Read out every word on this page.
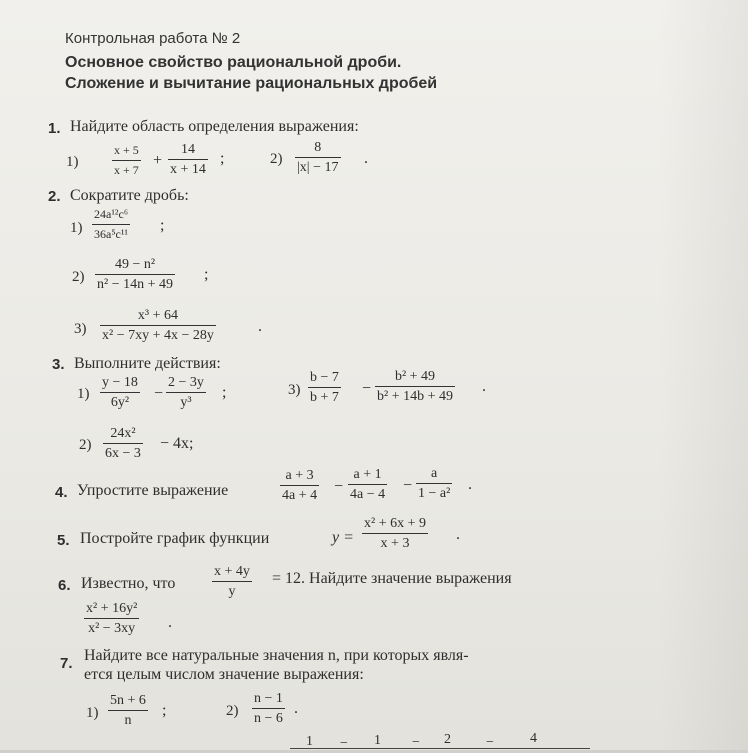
Контрольная работа № 2
Основное свойство рациональной дроби.
Сложение и вычитание рациональных дробей
1. Найдите область определения выражения:
1)
x + 5
x + 7
+
14
x + 14
;	2)
8
|x| − 17
.
2. Сократите дробь:
1)
24a¹²c⁶
36a⁵c¹¹ ;
2)
49 − n²
n² − 14n + 49
;
3)
x³ + 64
x² − 7xy + 4x − 28y
.
3. Выполните действия:
1)
y − 18
6y²
−
2 − 3y
y³
;	3)
b − 7
b + 7
−
b² + 49
b² + 14b + 49
.
2)
24x²
6x − 3
− 4x;
4. Упростите выражение
a + 3
4a + 4
−
a + 1
4a − 4
−
a
1 − a²
.
5. Постройте график функции	y =
x² + 6x + 9
x + 3
.
6. Известно, что
x + 4y
y
= 12. Найдите значение выражения
x² + 16y²
x² − 3xy .
7. Найдите все натуральные значения n, при которых явля-
ется целым числом значение выражения:
1)
5n + 6
n
;	2)
n − 1
n − 6
.
1 − 1 − 2	−	4
